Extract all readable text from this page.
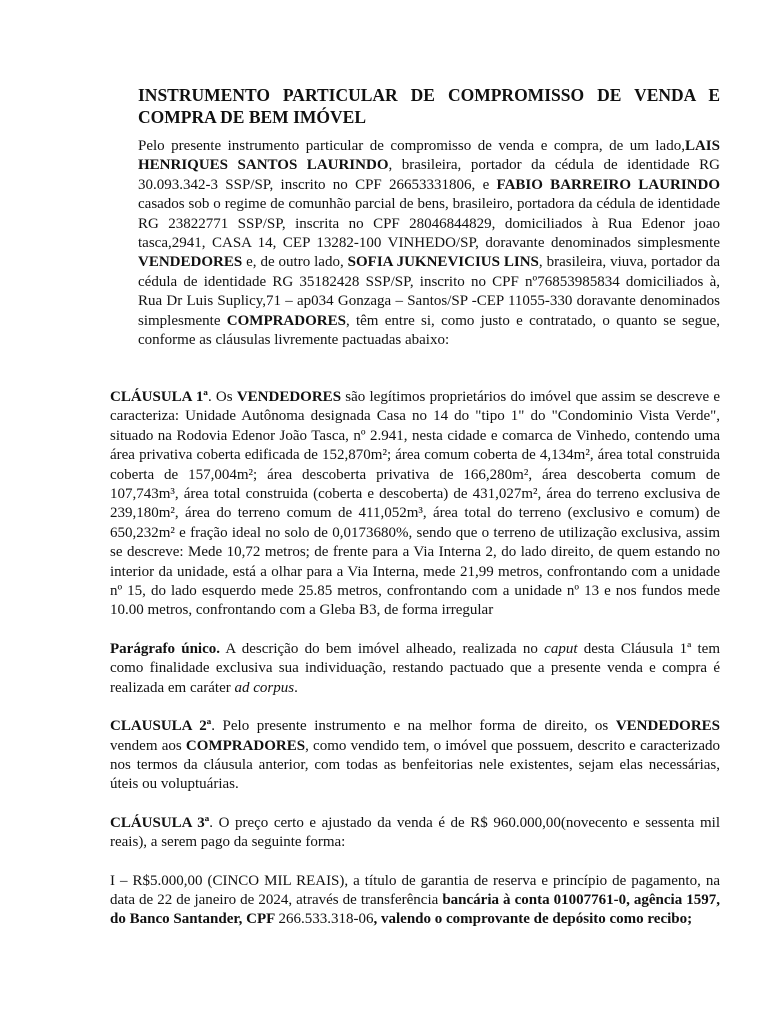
INSTRUMENTO PARTICULAR DE COMPROMISSO DE VENDA E COMPRA DE BEM IMÓVEL

Pelo presente instrumento particular de compromisso de venda e compra, de um lado,LAIS HENRIQUES SANTOS LAURINDO, brasileira, portador da cédula de identidade RG 30.093.342-3 SSP/SP, inscrito no CPF 26653331806, e FABIO BARREIRO LAURINDO casados sob o regime de comunhão parcial de bens, brasileiro, portadora da cédula de identidade RG 23822771 SSP/SP, inscrita no CPF 28046844829, domiciliados à Rua Edenor joao tasca,2941, CASA 14, CEP 13282-100 VINHEDO/SP, doravante denominados simplesmente VENDEDORES e, de outro lado, SOFIA JUKNEVICIUS LINS, brasileira, viuva, portador da cédula de identidade RG 35182428 SSP/SP, inscrito no CPF nº76853985834 domiciliados à, Rua Dr Luis Suplicy,71 – ap034 Gonzaga – Santos/SP -CEP 11055-330 doravante denominados simplesmente COMPRADORES, têm entre si, como justo e contratado, o quanto se segue, conforme as cláusulas livremente pactuadas abaixo:

CLÁUSULA 1ª. Os VENDEDORES são legítimos proprietários do imóvel que assim se descreve e caracteriza: Unidade Autônoma designada Casa no 14 do "tipo 1" do "Condominio Vista Verde", situado na Rodovia Edenor João Tasca, nº 2.941, nesta cidade e comarca de Vinhedo, contendo uma área privativa coberta edificada de 152,870m²; área comum coberta de 4,134m², área total construida coberta de 157,004m²; área descoberta privativa de 166,280m², área descoberta comum de 107,743m³, área total construida (coberta e descoberta) de 431,027m², área do terreno exclusiva de 239,180m², área do terreno comum de 411,052m³, área total do terreno (exclusivo e comum) de 650,232m² e fração ideal no solo de 0,0173680%, sendo que o terreno de utilização exclusiva, assim se descreve: Mede 10,72 metros; de frente para a Via Interna 2, do lado direito, de quem estando no interior da unidade, está a olhar para a Via Interna, mede 21,99 metros, confrontando com a unidade nº 15, do lado esquerdo mede 25.85 metros, confrontando com a unidade nº 13 e nos fundos mede 10.00 metros, confrontando com a Gleba B3, de forma irregular

Parágrafo único. A descrição do bem imóvel alheado, realizada no caput desta Cláusula 1ª tem como finalidade exclusiva sua individuação, restando pactuado que a presente venda e compra é realizada em caráter ad corpus.

CLAUSULA 2ª. Pelo presente instrumento e na melhor forma de direito, os VENDEDORES vendem aos COMPRADORES, como vendido tem, o imóvel que possuem, descrito e caracterizado nos termos da cláusula anterior, com todas as benfeitorias nele existentes, sejam elas necessárias, úteis ou voluptuárias.

CLÁUSULA 3ª. O preço certo e ajustado da venda é de R$ 960.000,00(novecento e sessenta mil reais), a serem pago da seguinte forma:

I – R$5.000,00 (CINCO MIL REAIS), a título de garantia de reserva e princípio de pagamento, na data de 22 de janeiro de 2024, através de transferência bancária à conta 01007761-0, agência 1597, do Banco Santander, CPF 266.533.318-06, valendo o comprovante de depósito como recibo;
